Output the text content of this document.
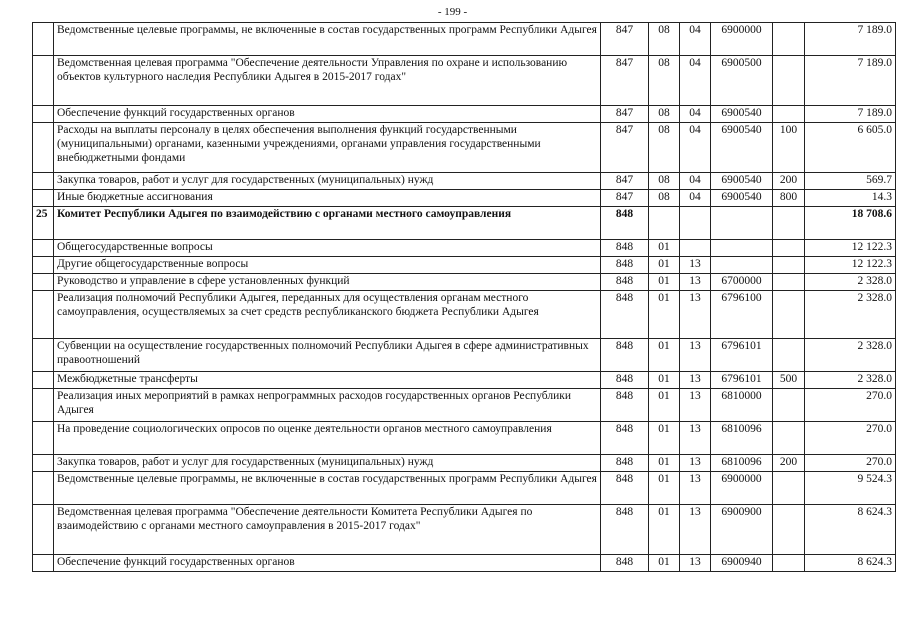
- 199 -
	Ведомственные целевые программы, не включенные в состав государственных программ Республики Адыгея	847	08	04	6900000		7 189.0
	Ведомственная целевая программа "Обеспечение деятельности Управления по охране и использованию объектов культурного наследия Республики Адыгея в 2015-2017 годах"	847	08	04	6900500		7 189.0
	Обеспечение функций государственных органов	847	08	04	6900540		7 189.0
	Расходы на выплаты персоналу в целях обеспечения выполнения функций государственными (муниципальными) органами, казенными учреждениями, органами управления государственными внебюджетными фондами	847	08	04	6900540	100	6 605.0
	Закупка товаров, работ и услуг для государственных (муниципальных) нужд	847	08	04	6900540	200	569.7
	Иные бюджетные ассигнования	847	08	04	6900540	800	14.3
25	Комитет Республики Адыгея по взаимодействию с органами местного самоуправления	848					18 708.6
	Общегосударственные вопросы	848	01				12 122.3
	Другие общегосударственные вопросы	848	01	13			12 122.3
	Руководство и управление в сфере установленных функций	848	01	13	6700000		2 328.0
	Реализация полномочий Республики Адыгея, переданных для осуществления органам местного самоуправления, осуществляемых за счет средств республиканского бюджета Республики Адыгея	848	01	13	6796100		2 328.0
	Субвенции на осуществление государственных полномочий Республики Адыгея в сфере административных правоотношений	848	01	13	6796101		2 328.0
	Межбюджетные трансферты	848	01	13	6796101	500	2 328.0
	Реализация иных мероприятий в рамках непрограммных расходов государственных органов Республики Адыгея	848	01	13	6810000		270.0
	На проведение социологических опросов по оценке деятельности органов местного самоуправления	848	01	13	6810096		270.0
	Закупка товаров, работ и услуг для государственных (муниципальных) нужд	848	01	13	6810096	200	270.0
	Ведомственные целевые программы, не включенные в состав государственных программ Республики Адыгея	848	01	13	6900000		9 524.3
	Ведомственная целевая программа "Обеспечение деятельности Комитета Республики Адыгея по взаимодействию с органами местного самоуправления в 2015-2017 годах"	848	01	13	6900900		8 624.3
	Обеспечение функций государственных органов	848	01	13	6900940		8 624.3
